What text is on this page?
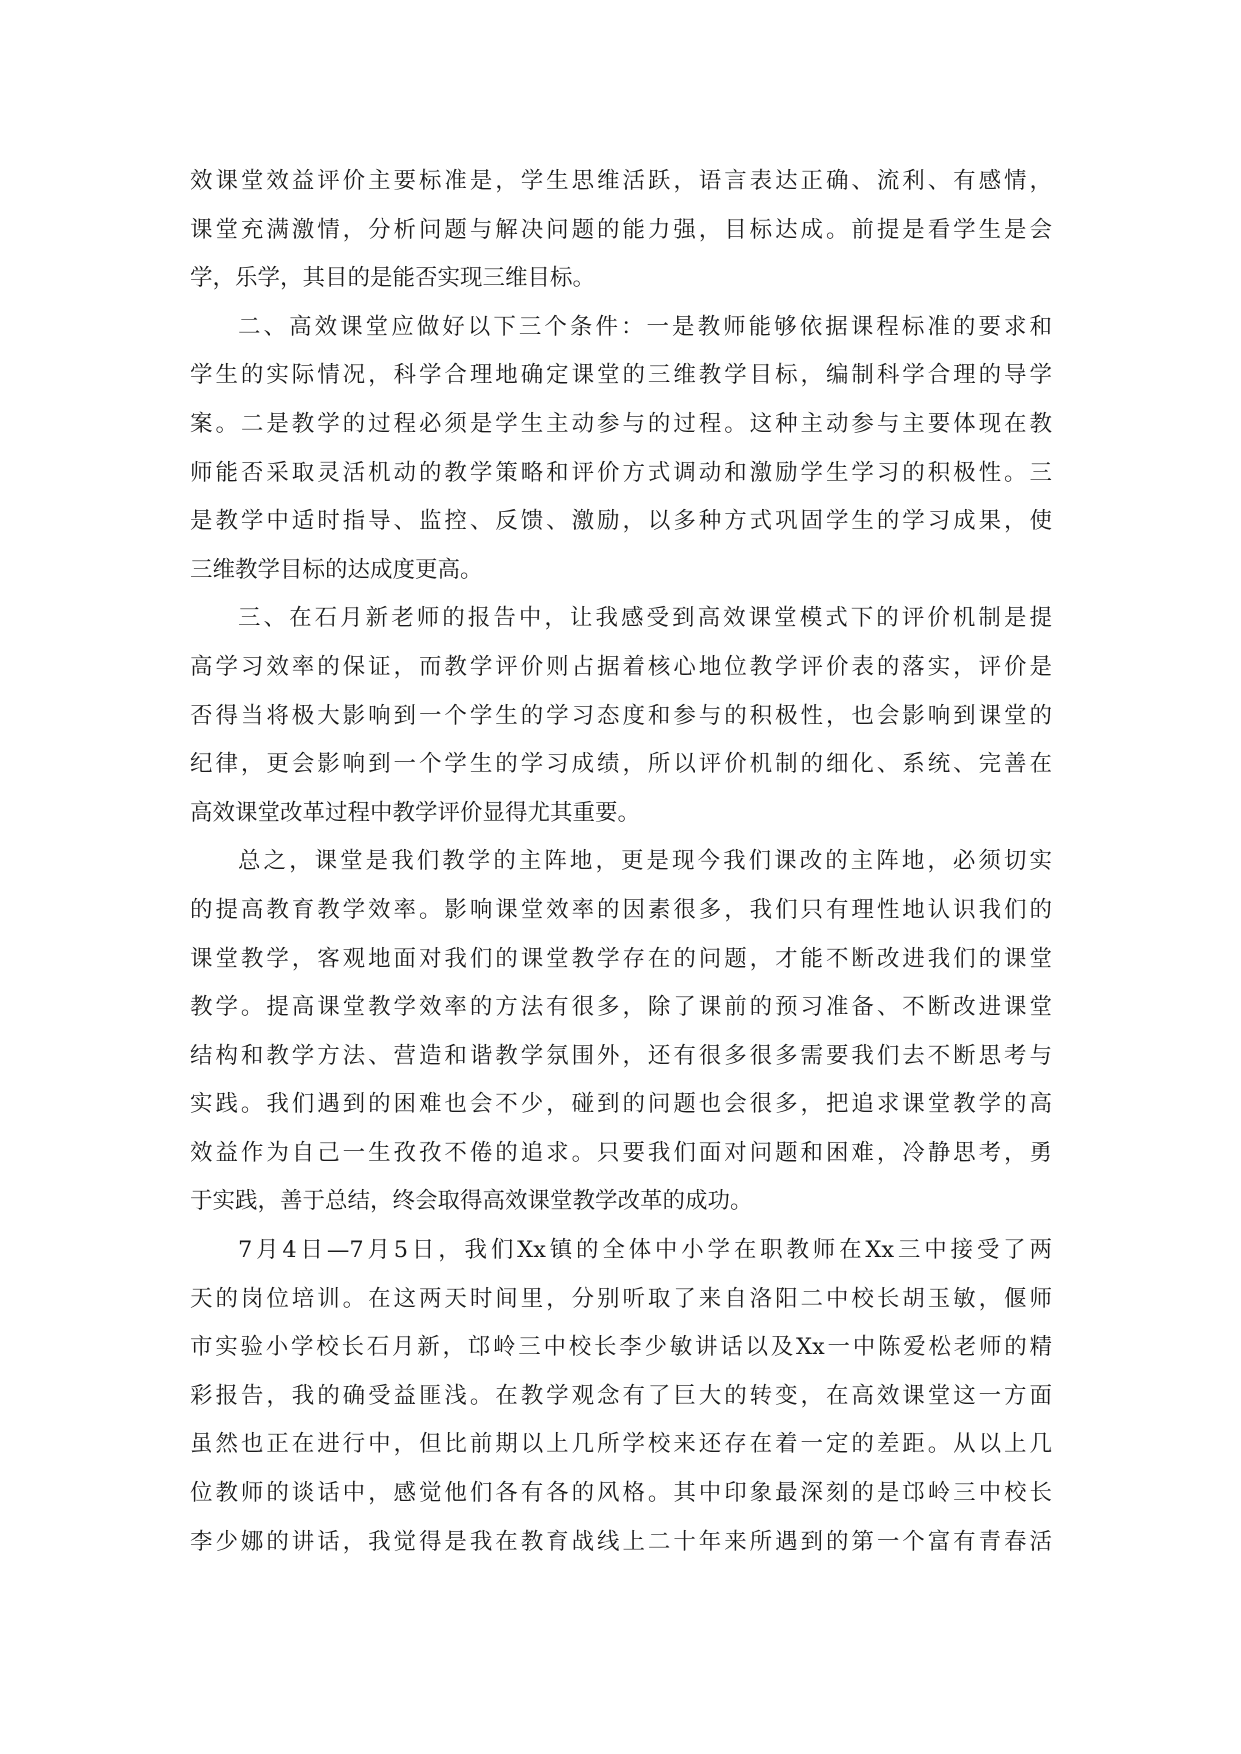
效课堂效益评价主要标准是，学生思维活跃，语言表达正确、流利、有感情，
课堂充满激情，分析问题与解决问题的能力强，目标达成。前提是看学生是会
学，乐学，其目的是能否实现三维目标。
二、高效课堂应做好以下三个条件：一是教师能够依据课程标准的要求和
学生的实际情况，科学合理地确定课堂的三维教学目标，编制科学合理的导学
案。二是教学的过程必须是学生主动参与的过程。这种主动参与主要体现在教
师能否采取灵活机动的教学策略和评价方式调动和激励学生学习的积极性。三
是教学中适时指导、监控、反馈、激励，以多种方式巩固学生的学习成果，使
三维教学目标的达成度更高。
三、在石月新老师的报告中，让我感受到高效课堂模式下的评价机制是提
高学习效率的保证，而教学评价则占据着核心地位教学评价表的落实，评价是
否得当将极大影响到一个学生的学习态度和参与的积极性，也会影响到课堂的
纪律，更会影响到一个学生的学习成绩，所以评价机制的细化、系统、完善在
高效课堂改革过程中教学评价显得尤其重要。
总之，课堂是我们教学的主阵地，更是现今我们课改的主阵地，必须切实
的提高教育教学效率。影响课堂效率的因素很多，我们只有理性地认识我们的
课堂教学，客观地面对我们的课堂教学存在的问题，才能不断改进我们的课堂
教学。提高课堂教学效率的方法有很多，除了课前的预习准备、不断改进课堂
结构和教学方法、营造和谐教学氛围外，还有很多很多需要我们去不断思考与
实践。我们遇到的困难也会不少，碰到的问题也会很多，把追求课堂教学的高
效益作为自己一生孜孜不倦的追求。只要我们面对问题和困难，冷静思考，勇
于实践，善于总结，终会取得高效课堂教学改革的成功。
7月4日—7月5日，我们Xx镇的全体中小学在职教师在Xx三中接受了两
天的岗位培训。在这两天时间里，分别听取了来自洛阳二中校长胡玉敏，偃师
市实验小学校长石月新，邙岭三中校长李少敏讲话以及Xx一中陈爱松老师的精
彩报告，我的确受益匪浅。在教学观念有了巨大的转变，在高效课堂这一方面
虽然也正在进行中，但比前期以上几所学校来还存在着一定的差距。从以上几
位教师的谈话中，感觉他们各有各的风格。其中印象最深刻的是邙岭三中校长
李少娜的讲话，我觉得是我在教育战线上二十年来所遇到的第一个富有青春活
